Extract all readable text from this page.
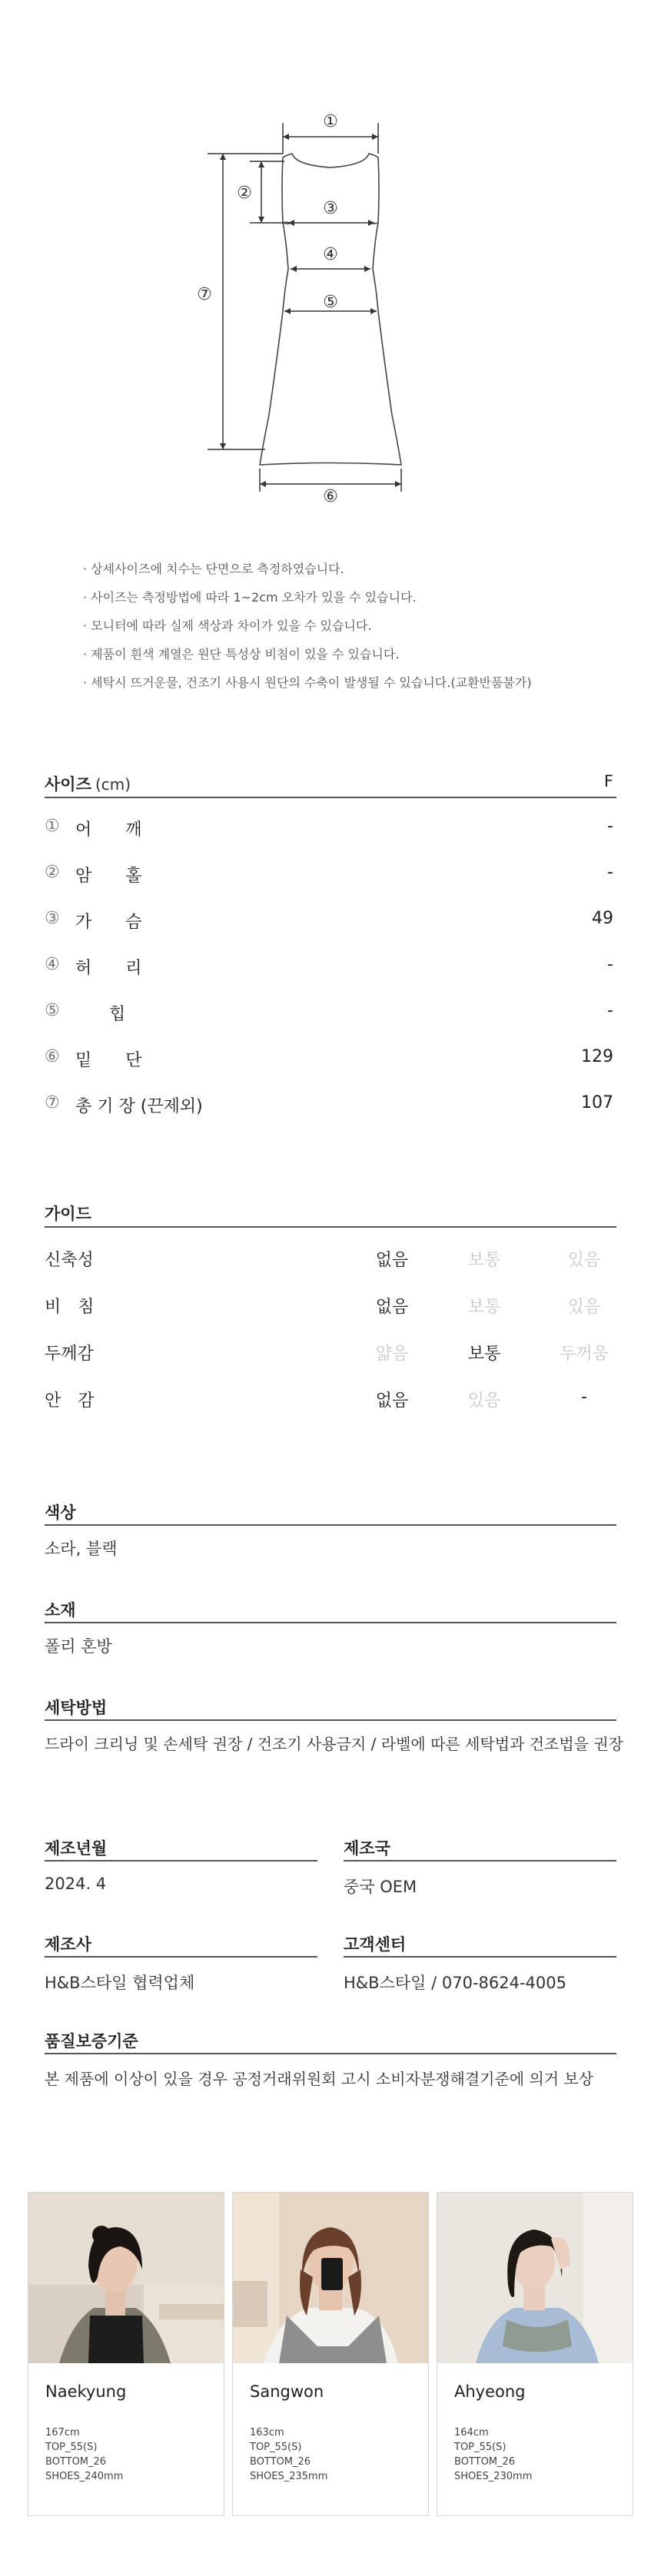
①
②
③
④
⑤
⑥
⑦
· 상세사이즈에 치수는 단면으로 측정하였습니다.
· 사이즈는 측정방법에 따라 1~2cm 오차가 있을 수 있습니다.
· 모니터에 따라 실제 색상과 차이가 있을 수 있습니다.
· 제품이 흰색 계열은 원단 특성상 비침이 있을 수 있습니다.
· 세탁시 뜨거운물, 건조기 사용시 원단의 수축이 발생될 수 있습니다.(교환반품불가)
사이즈 (cm)	F
① 어　　깨	-
② 암　　홀	-
③ 가　　슴	49
④ 허　　리	-
⑤ 　　힙	-
⑥ 밑　　단	129
⑦ 총 기 장 (끈제외)	107
가이드
신축성	없음	보통	있음
비　침	없음	보통	있음
두께감	얇음	보통	두꺼움
안　감	없음	있음	-
색상
소라, 블랙
소재
폴리 혼방
세탁방법
드라이 크리닝 및 손세탁 권장 / 건조기 사용금지 / 라벨에 따른 세탁법과 건조법을 권장
제조년월
2024. 4
제조국
중국 OEM
제조사
H&B스타일 협력업체
고객센터
H&B스타일 / 070-8624-4005
품질보증기준
본 제품에 이상이 있을 경우 공정거래위원회 고시 소비자분쟁해결기준에 의거 보상
Naekyung
167cm
TOP_55(S)
BOTTOM_26
SHOES_240mm
Sangwon
163cm
TOP_55(S)
BOTTOM_26
SHOES_235mm
Ahyeong
164cm
TOP_55(S)
BOTTOM_26
SHOES_230mm
